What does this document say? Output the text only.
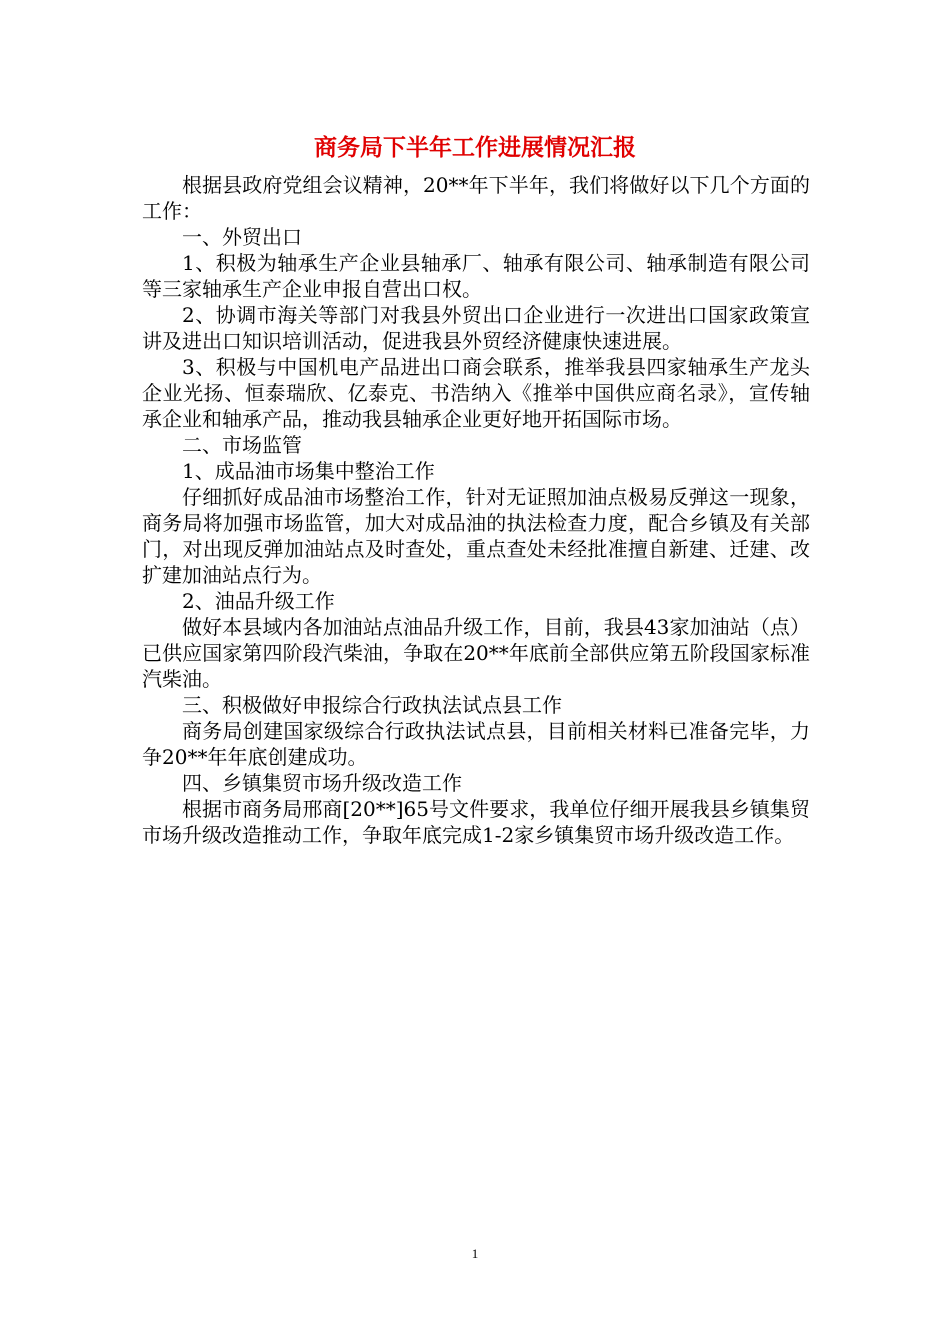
商务局下半年工作进展情况汇报

根据县政府党组会议精神，20**年下半年，我们将做好以下几个方面的工作：

一、外贸出口

1、积极为轴承生产企业县轴承厂、轴承有限公司、轴承制造有限公司等三家轴承生产企业申报自营出口权。

2、协调市海关等部门对我县外贸出口企业进行一次进出口国家政策宣讲及进出口知识培训活动，促进我县外贸经济健康快速进展。

3、积极与中国机电产品进出口商会联系，推举我县四家轴承生产龙头企业光扬、恒泰瑞欣、亿泰克、书浩纳入《推举中国供应商名录》，宣传轴承企业和轴承产品，推动我县轴承企业更好地开拓国际市场。

二、市场监管

1、成品油市场集中整治工作

仔细抓好成品油市场整治工作，针对无证照加油点极易反弹这一现象，商务局将加强市场监管，加大对成品油的执法检查力度，配合乡镇及有关部门，对出现反弹加油站点及时查处，重点查处未经批准擅自新建、迁建、改扩建加油站点行为。

2、油品升级工作

做好本县域内各加油站点油品升级工作，目前，我县43家加油站（点）已供应国家第四阶段汽柴油，争取在20**年底前全部供应第五阶段国家标准汽柴油。

三、积极做好申报综合行政执法试点县工作

商务局创建国家级综合行政执法试点县，目前相关材料已准备完毕，力争20**年年底创建成功。

四、乡镇集贸市场升级改造工作

根据市商务局邢商[20**]65号文件要求，我单位仔细开展我县乡镇集贸市场升级改造推动工作，争取年底完成1-2家乡镇集贸市场升级改造工作。

1
